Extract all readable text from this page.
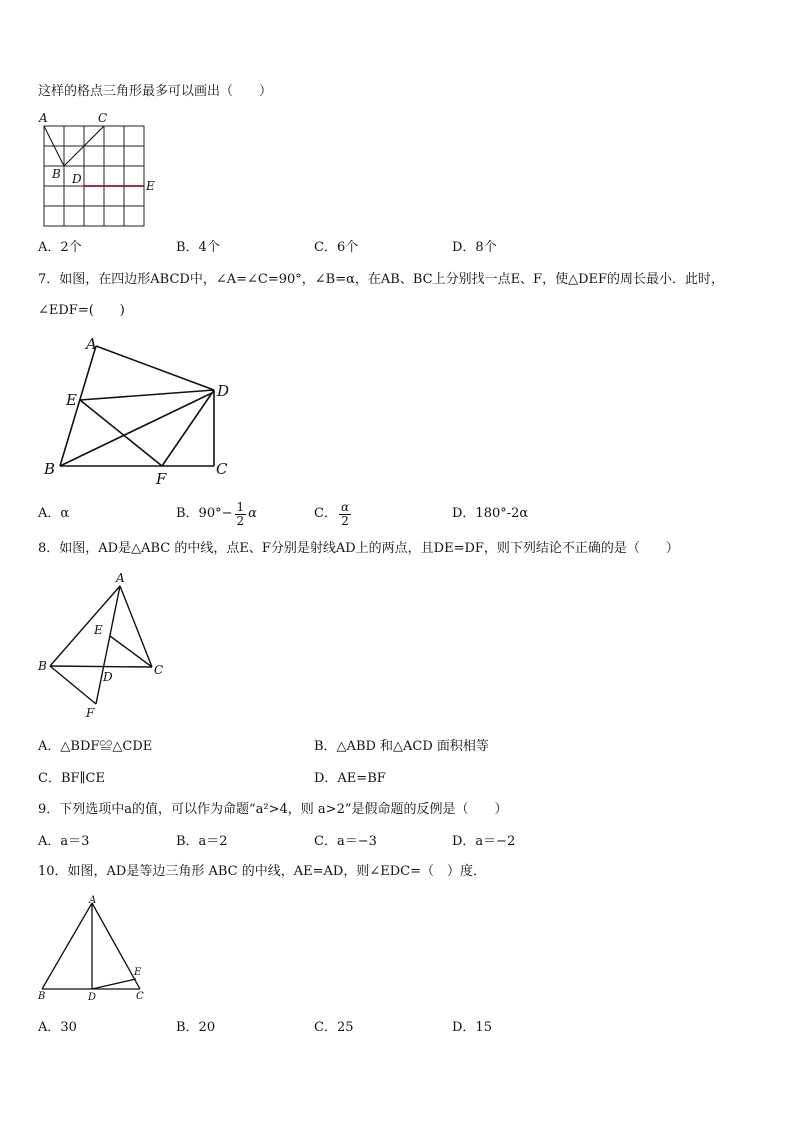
这样的格点三角形最多可以画出（　　）
A	C
B D	E
A．2个	B．4个	C．6个	D．8个
7．如图，在四边形ABCD中，∠A=∠C=90°，∠B=α，在AB、BC上分别找一点E、F，使△DEF的周长最小．此时，
∠EDF=(　　)
A
D
E
B
F
C
A．α	B．$90^\circ- \frac{1}{2}$ α	C． $\frac{\alpha}{2}$	D．180°-2α
8．如图，AD是△ABC 的中线，点E、F分别是射线AD上的两点，且DE=DF，则下列结论不正确的是（　　）
A
E
B	C
D
F
A．△BDF≌△CDE	B．△ABD 和△ACD 面积相等
C．BF∥CE	D．AE=BF
9．下列选项中a的值，可以作为命题“a²>4，则 a>2”是假命题的反例是（　　）
A．a＝3	B．a＝2	C．a＝−3	D．a＝−2
10．如图，AD是等边三角形 ABC 的中线，AE=AD，则∠EDC=（　）度．
A
E
B	D	C
A．30	B．20	C．25	D．15
